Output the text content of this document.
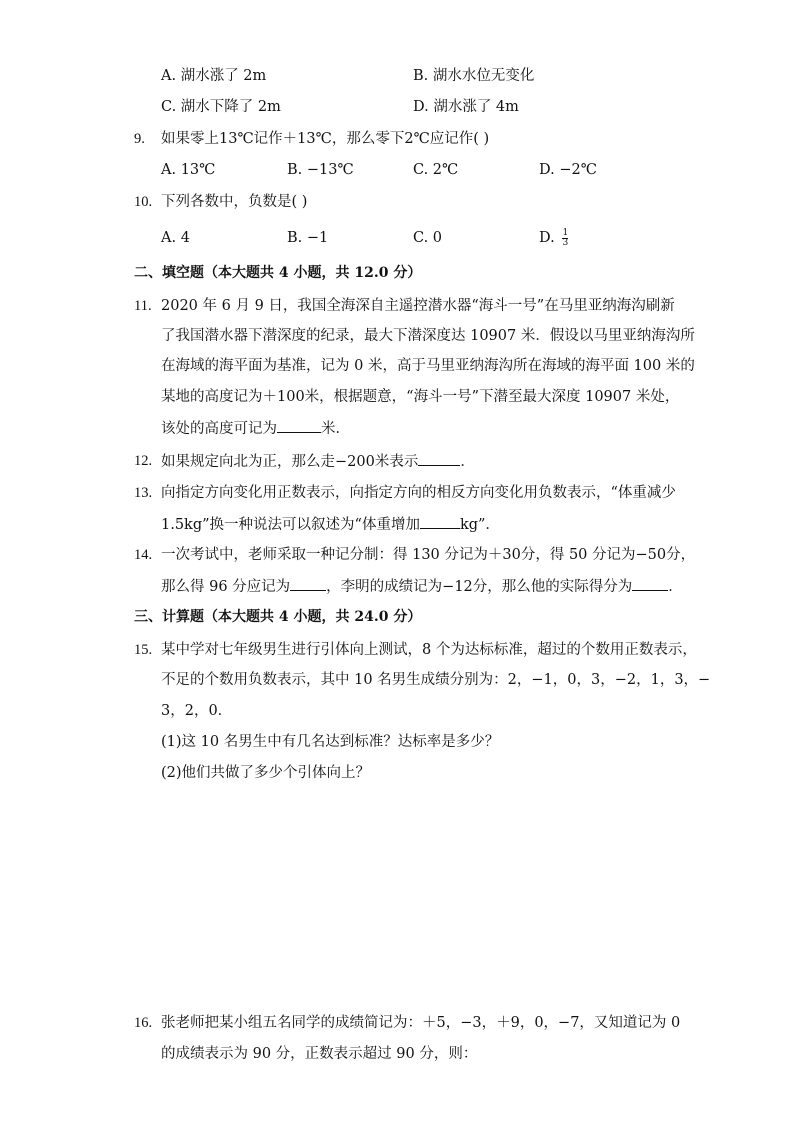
A. 湖水涨了 2m	B. 湖水水位无变化
C. 湖水下降了 2m	D. 湖水涨了 4m
9. 如果零上13℃记作＋13℃，那么零下2℃应记作( )
A. 13℃	B. −13℃	C. 2℃	D. −2℃
10. 下列各数中，负数是( )
A. 4	B. −1	C. 0	D. $\frac{1}{3}$
二、填空题（本大题共 4 小题，共 12.0 分）
11. 2020 年 6 月 9 日，我国全海深自主遥控潜水器“海斗一号”在马里亚纳海沟刷新
了我国潜水器下潜深度的纪录，最大下潜深度达 10907 米．假设以马里亚纳海沟所
在海域的海平面为基准，记为 0 米，高于马里亚纳海沟所在海域的海平面 100 米的
某地的高度记为＋100米，根据题意，“海斗一号”下潜至最大深度 10907 米处，
该处的高度可记为	米．
12. 如果规定向北为正，那么走−200米表示	．
13. 向指定方向变化用正数表示，向指定方向的相反方向变化用负数表示，“体重减少
1.5kg”换一种说法可以叙述为“体重增加	kg”．
14. 一次考试中，老师采取一种记分制：得 130 分记为＋30分，得 50 分记为−50分，
那么得 96 分应记为 ，李明的成绩记为−12分，那么他的实际得分为 ．
三、计算题（本大题共 4 小题，共 24.0 分）
15. 某中学对七年级男生进行引体向上测试，8 个为达标标准，超过的个数用正数表示，
不足的个数用负数表示，其中 10 名男生成绩分别为：2，−1，0，3，−2，1，3，−
3，2，0．
(1)这 10 名男生中有几名达到标准？达标率是多少？
(2)他们共做了多少个引体向上？
16. 张老师把某小组五名同学的成绩简记为：＋5，−3，＋9，0，−7，又知道记为 0
的成绩表示为 90 分，正数表示超过 90 分，则：
